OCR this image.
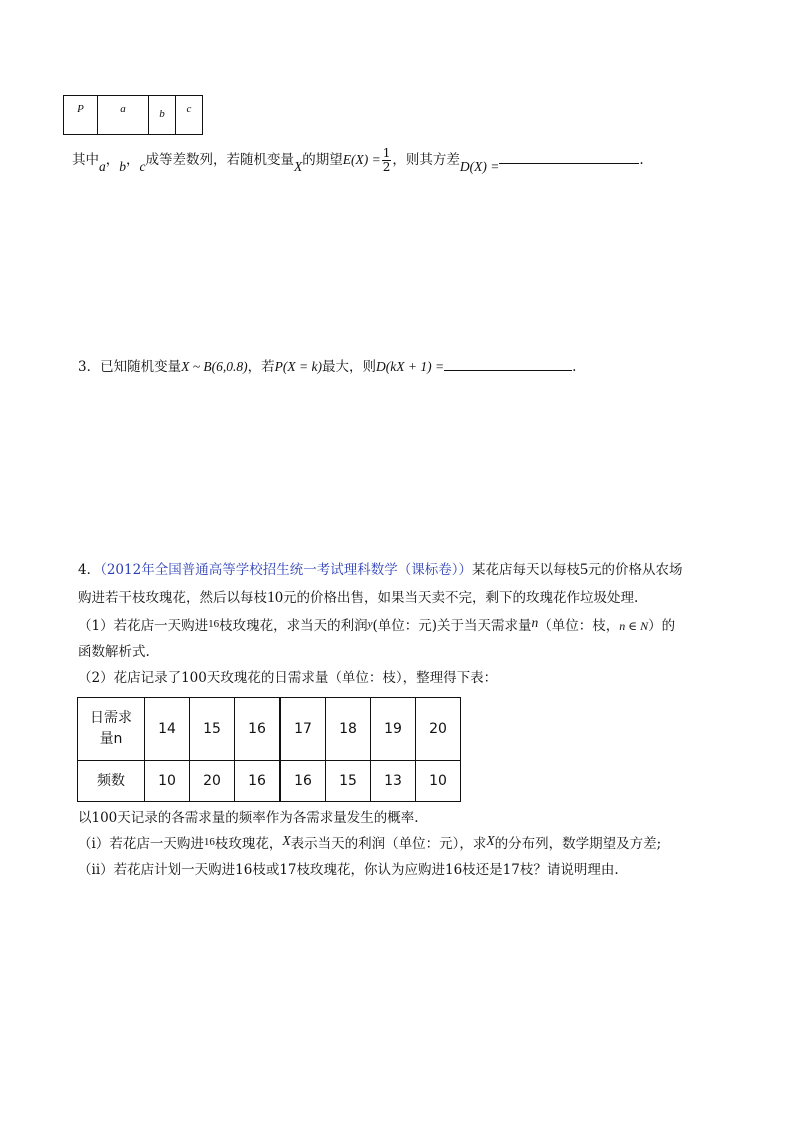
P	a	$_b$	c
其中a，b，c成等差数列，若随机变量X的期望$E(X) = \frac{1}{2}$ ，则其方差D(X) =	.
3．已知随机变量X ~ B(6,0.8)，若P(X = k)最大，则D(kX + 1) =	.
4．（2012年全国普通高等学校招生统一考试理科数学（课标卷））某花店每天以每枝5元的价格从农场
购进若干枝玫瑰花，然后以每枝10元的价格出售，如果当天卖不完，剩下的玫瑰花作垃圾处理.
（1）若花店一天购进$^{16}$枝玫瑰花，求当天的利润$^y$(单位：元)关于当天需求量n（单位：枝，n ∈ N）的
函数解析式.
（2）花店记录了100天玫瑰花的日需求量（单位：枝），整理得下表：
日需求
量n	14	15	16	17	18	19	20
频数	10	20	16	16	15	13	10
以100天记录的各需求量的频率作为各需求量发生的概率.
（i）若花店一天购进$^{16}$枝玫瑰花，X表示当天的利润（单位：元），求X的分布列，数学期望及方差;
（ii）若花店计划一天购进16枝或17枝玫瑰花，你认为应购进16枝还是17枝？请说明理由.
